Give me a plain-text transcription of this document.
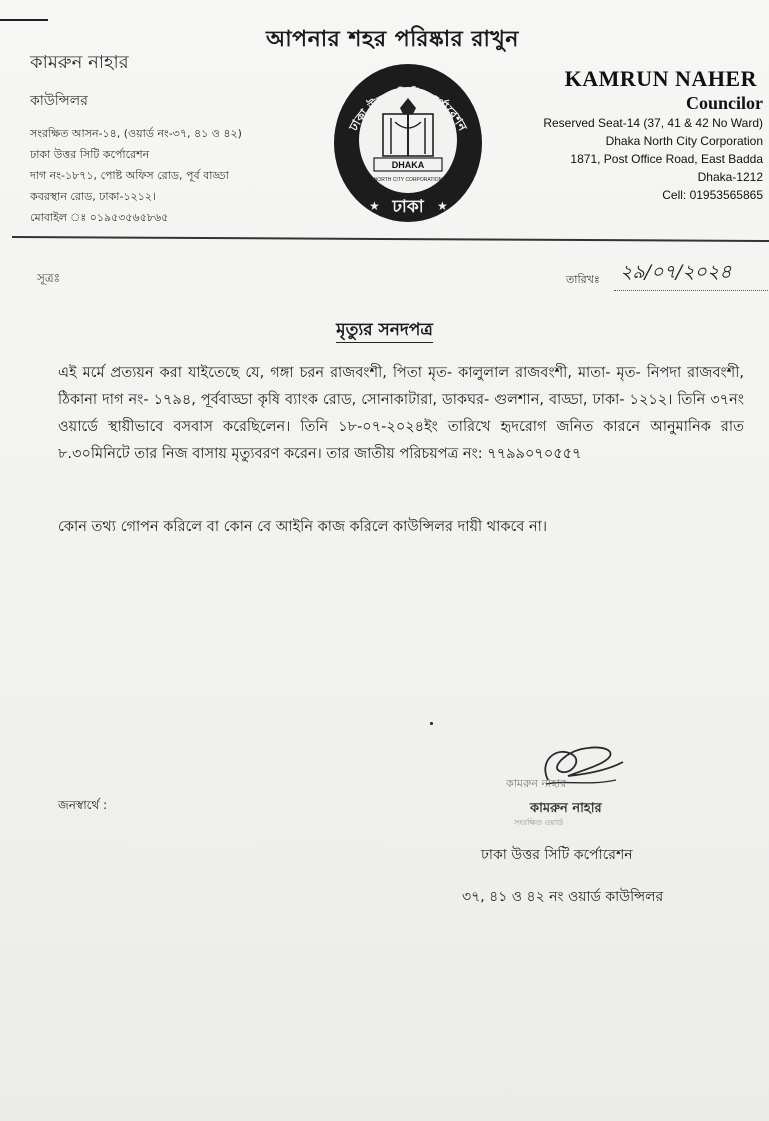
আপনার শহর পরিষ্কার রাখুন
কামরুন নাহার
কাউন্সিলর
সংরক্ষিত আসন-১৪, (ওয়ার্ড নং-৩৭, ৪১ ও ৪২)
ঢাকা উত্তর সিটি কর্পোরেশন
দাগ নং-১৮৭১, পোষ্ট অফিস রোড, পূর্ব বাড্ডা
কবরস্থান রোড, ঢাকা-১২১২।
মোবাইল ঃ ০১৯৫৩৫৬৫৮৬৫
ঢাকা উত্তর সিটি কর্পোরেশন
DHAKA
NORTH CITY CORPORATION
ঢাকা
★	★
KAMRUN NAHER
Councilor
Reserved Seat-14 (37, 41 & 42 No Ward)
Dhaka North City Corporation
1871, Post Office Road, East Badda
Dhaka-1212
Cell: 01953565865
সূত্রঃ	তারিখঃ	২৯/০৭/২০২৪
মৃত্যুর সনদপত্র
এই মর্মে প্রত্যয়ন করা যাইতেছে যে, গঙ্গা চরন রাজবংশী, পিতা মৃত- কালুলাল রাজবংশী, মাতা- মৃত- নিপদা রাজবংশী, ঠিকানা দাগ নং- ১৭৯৪, পূর্ববাড্ডা কৃষি ব্যাংক রোড, সোনাকাটারা, ডাকঘর- গুলশান, বাড্ডা, ঢাকা- ১২১২। তিনি ৩৭নং ওয়ার্ডে স্থায়ীভাবে বসবাস করেছিলেন। তিনি ১৮-০৭-২০২৪ইং তারিখে হৃদরোগ জনিত কারনে আনুমানিক রাত ৮.৩০মিনিটে তার নিজ বাসায় মৃত্যুবরণ করেন। তার জাতীয় পরিচয়পত্র নং: ৭৭৯৯০৭০৫৫৭
কোন তথ্য গোপন করিলে বা কোন বে আইনি কাজ করিলে কাউন্সিলর দায়ী থাকবে না।
জনস্বার্থে :
কামরুন নাহার
কামরুন নাহার
সংরক্ষিত ওয়ার্ড
ঢাকা উত্তর সিটি কর্পোরেশন
৩৭, ৪১ ও ৪২ নং ওয়ার্ড কাউন্সিলর
